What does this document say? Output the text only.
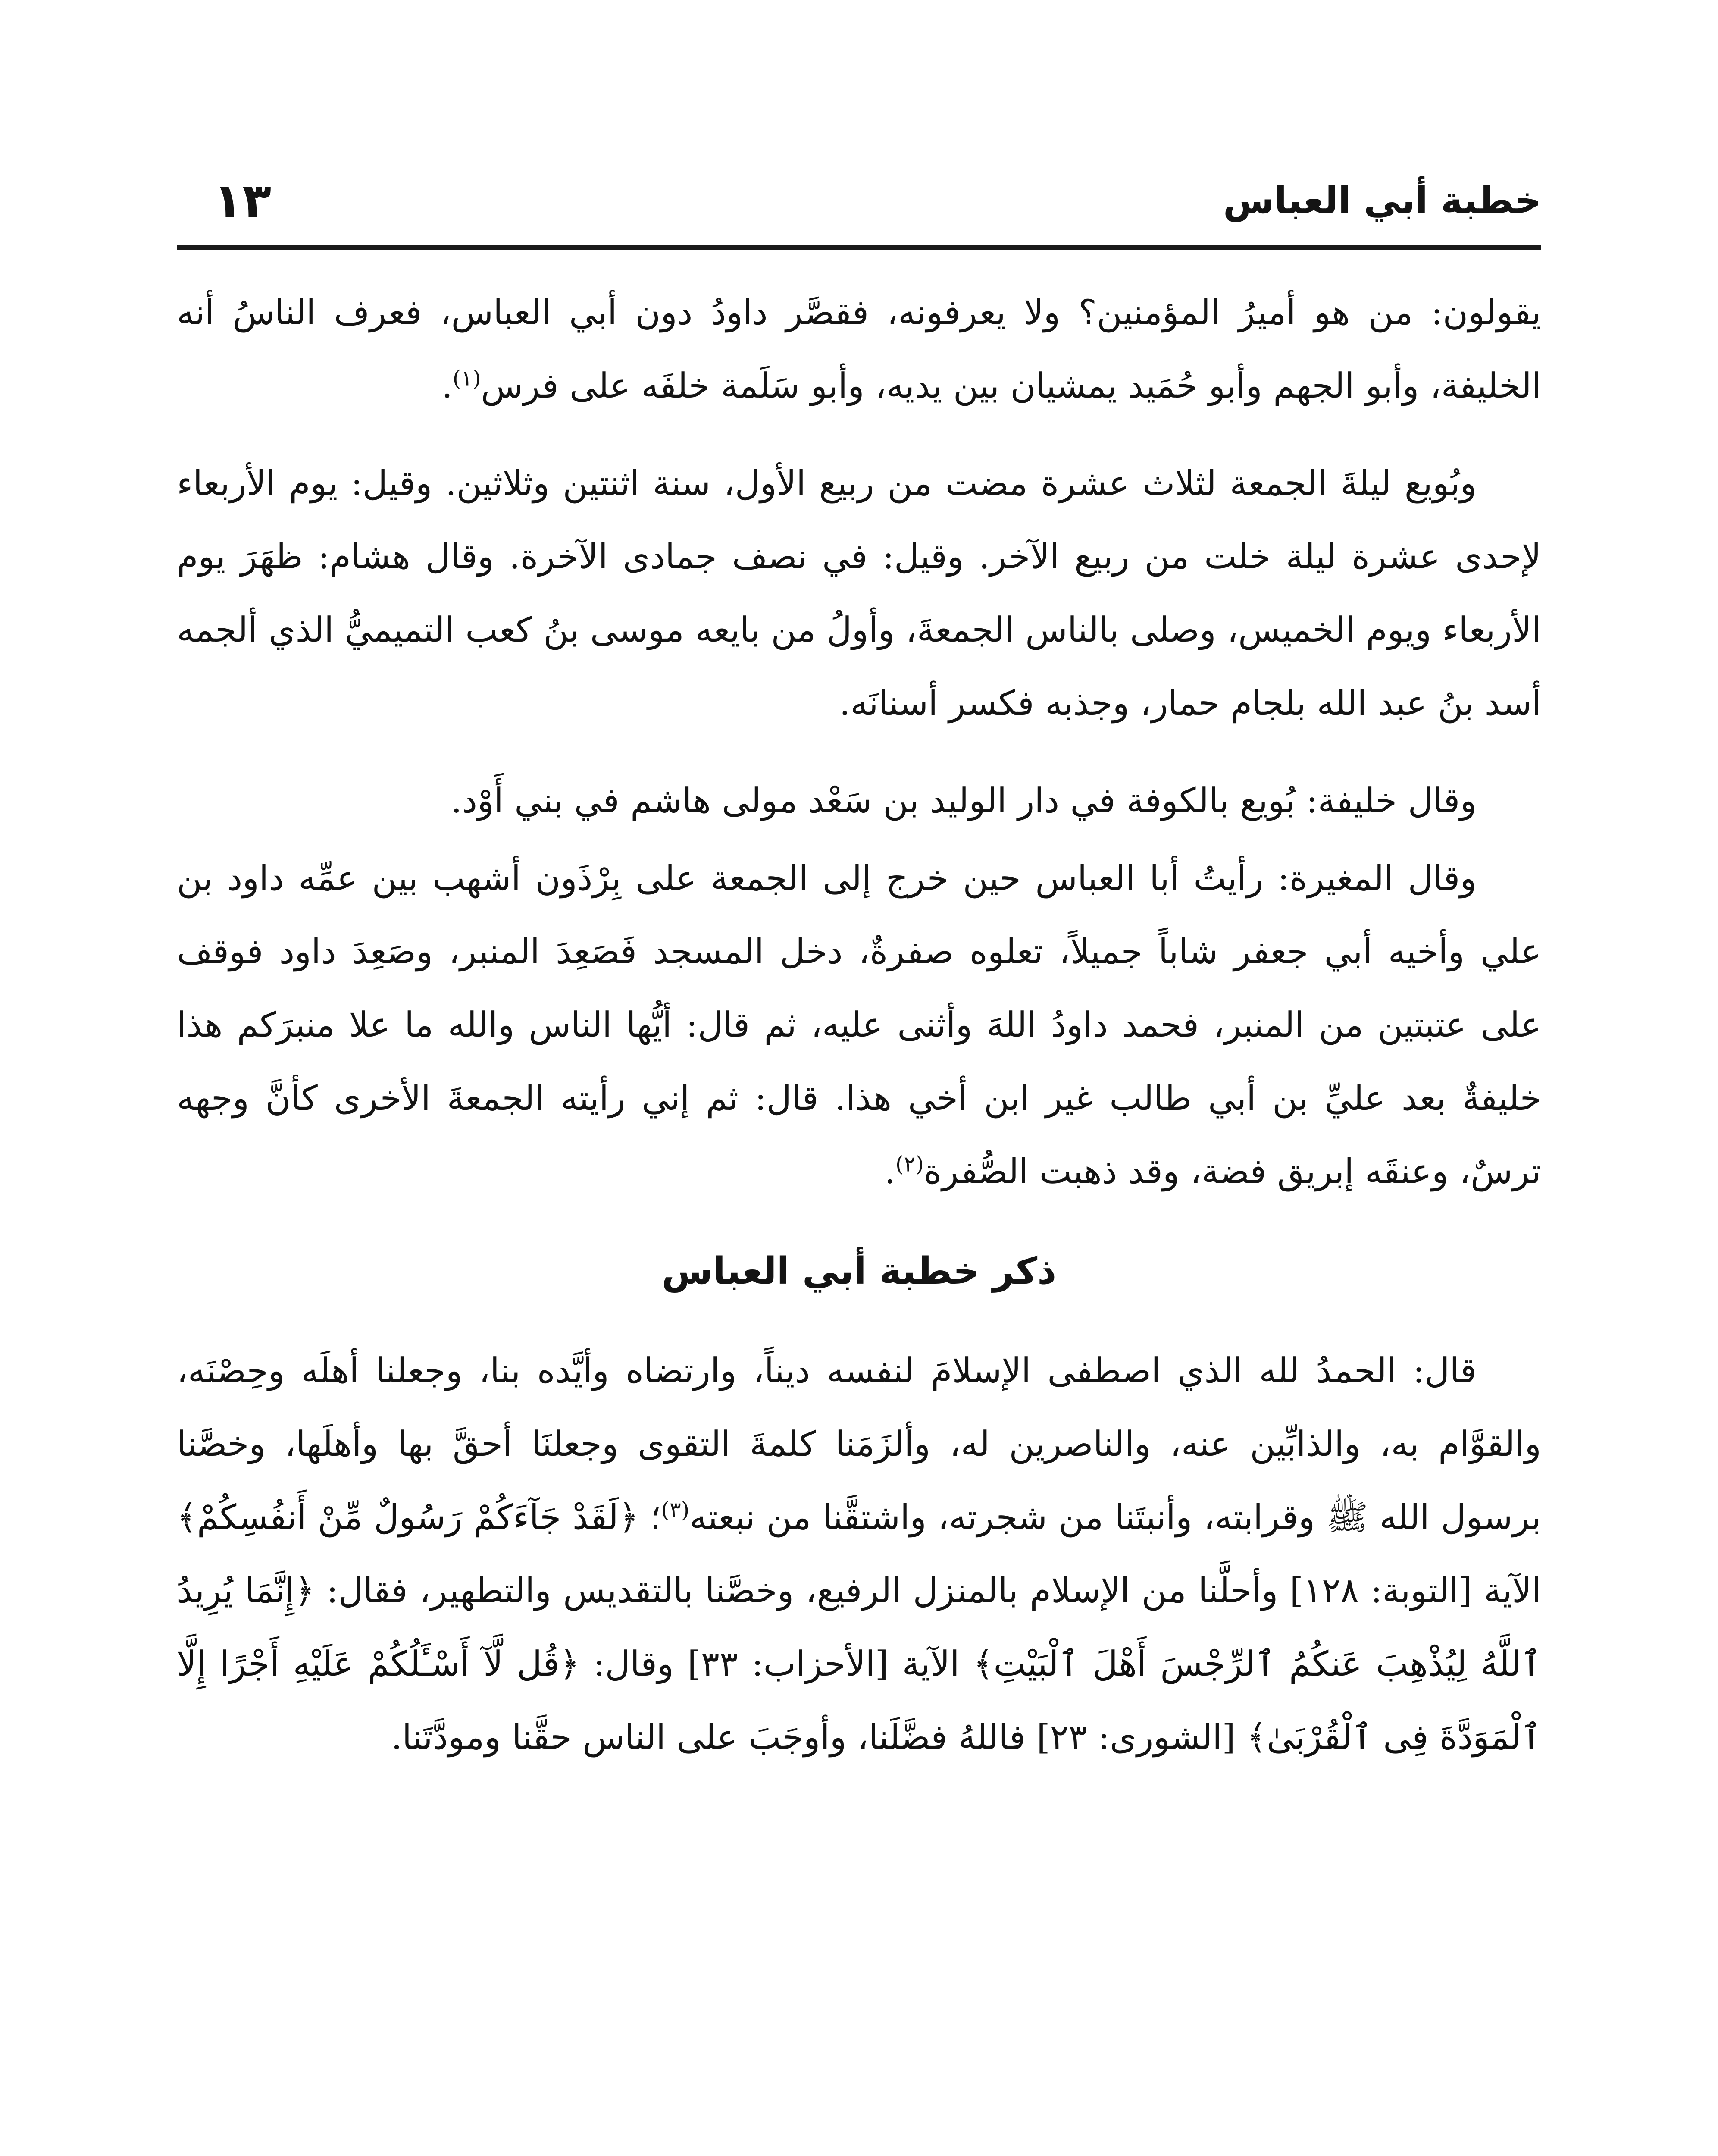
خطبة أبي العباس
١٣

يقولون: من هو أميرُ المؤمنين؟ ولا يعرفونه، فقصَّر داودُ دون أبي العباس، فعرف الناسُ أنه الخليفة، وأبو الجهم وأبو حُمَيد يمشيان بين يديه، وأبو سَلَمة خلفَه على فرس$^{(١)}$.

وبُويع ليلةَ الجمعة لثلاث عشرة مضت من ربيع الأول، سنة اثنتين وثلاثين. وقيل: يوم الأربعاء لإحدى عشرة ليلة خلت من ربيع الآخر. وقيل: في نصف جمادى الآخرة. وقال هشام: ظهَرَ يوم الأربعاء ويوم الخميس، وصلى بالناس الجمعةَ، وأولُ من بايعه موسى بنُ كعب التميميُّ الذي ألجمه أسد بنُ عبد الله بلجام حمار، وجذبه فكسر أسنانَه.

وقال خليفة: بُويع بالكوفة في دار الوليد بن سَعْد مولى هاشم في بني أَوْد.

وقال المغيرة: رأيتُ أبا العباس حين خرج إلى الجمعة على بِرْذَون أشهب بين عمِّه داود بن علي وأخيه أبي جعفر شاباً جميلاً، تعلوه صفرةٌ، دخل المسجد فَصَعِدَ المنبر، وصَعِدَ داود فوقف على عتبتين من المنبر، فحمد داودُ اللهَ وأثنى عليه، ثم قال: أيُّها الناس والله ما علا منبرَكم هذا خليفةٌ بعد عليِّ بن أبي طالب غير ابن أخي هذا. قال: ثم إني رأيته الجمعةَ الأخرى كأنَّ وجهه ترسٌ، وعنقَه إبريق فضة، وقد ذهبت الصُّفرة$^{(٢)}$.

ذكر خطبة أبي العباس

قال: الحمدُ لله الذي اصطفى الإسلامَ لنفسه ديناً، وارتضاه وأيَّده بنا، وجعلنا أهلَه وحِصْنَه، والقوَّام به، والذابِّين عنه، والناصرين له، وألزَمَنا كلمةَ التقوى وجعلنَا أحقَّ بها وأهلَها، وخصَّنا برسول الله ﷺ وقرابته، وأنبتَنا من شجرته، واشتقَّنا من نبعته$^{(٣)}$؛ ﴿لَقَدْ جَآءَكُمْ رَسُولٌ مِّنْ أَنفُسِكُمْ﴾ الآية [التوبة: ١٢٨] وأحلَّنا من الإسلام بالمنزل الرفيع، وخصَّنا بالتقديس والتطهير، فقال: ﴿إِنَّمَا يُرِيدُ ٱللَّهُ لِيُذْهِبَ عَنكُمُ ٱلرِّجْسَ أَهْلَ ٱلْبَيْتِ﴾ الآية [الأحزاب: ٣٣] وقال: ﴿قُل لَّآ أَسْـَٔلُكُمْ عَلَيْهِ أَجْرًا إِلَّا ٱلْمَوَدَّةَ فِى ٱلْقُرْبَىٰ﴾ [الشورى: ٢٣] فاللهُ فضَّلَنا، وأوجَبَ على الناس حقَّنا ومودَّتَنا.
